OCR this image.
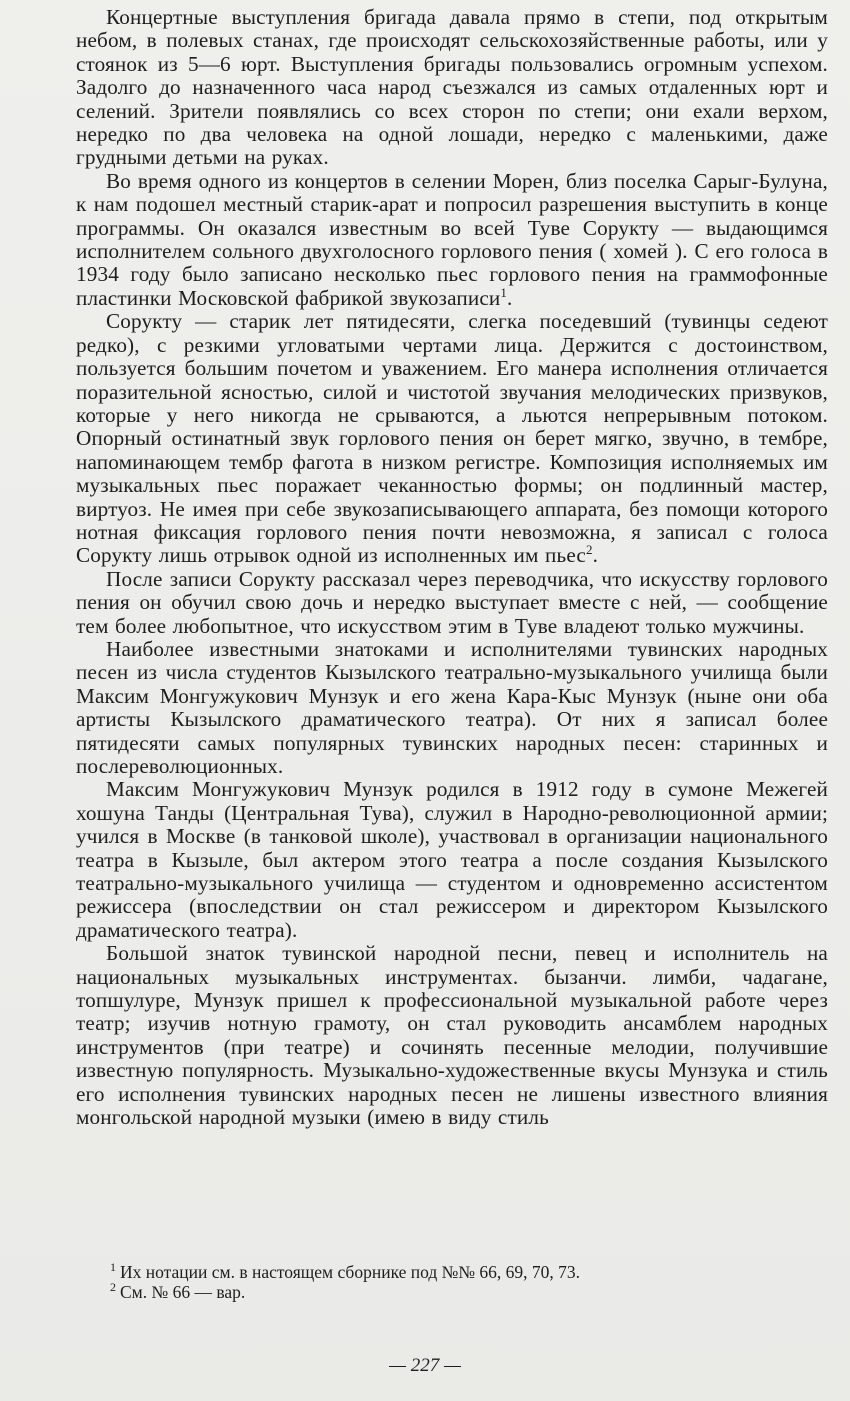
Концертные выступления бригада давала прямо в степи, под открытым небом, в полевых станах, где происходят сельскохозяйственные работы, или у стоянок из 5—6 юрт. Выступления бригады пользовались огромным успехом. Задолго до назначенного часа народ съезжался из самых отдаленных юрт и селений. Зрители появлялись со всех сторон по степи; они ехали верхом, нередко по два человека на одной лошади, нередко с маленькими, даже грудными детьми на руках.

Во время одного из концертов в селении Морен, близ поселка Сарыг-Булуна, к нам подошел местный старик-арат и попросил разрешения выступить в конце программы. Он оказался известным во всей Туве Сорукту — выдающимся исполнителем сольного двухголосного горлового пения ( хомей ). С его голоса в 1934 году было записано несколько пьес горлового пения на граммофонные пластинки Московской фабрикой звукозаписи$^1$.

Сорукту — старик лет пятидесяти, слегка поседевший (тувинцы седеют редко), с резкими угловатыми чертами лица. Держится с достоинством, пользуется большим почетом и уважением. Его манера исполнения отличается поразительной ясностью, силой и чистотой звучания мелодических призвуков, которые у него никогда не срываются, а льются непрерывным потоком. Опорный остинатный звук горлового пения он берет мягко, звучно, в тембре, напоминающем тембр фагота в низком регистре. Композиция исполняемых им музыкальных пьес поражает чеканностью формы; он подлинный мастер, виртуоз. Не имея при себе звукозаписывающего аппарата, без помощи которого нотная фиксация горлового пения почти невозможна, я записал с голоса Сорукту лишь отрывок одной из исполненных им пьес$^2$.

После записи Сорукту рассказал через переводчика, что искусству горлового пения он обучил свою дочь и нередко выступает вместе с ней, — сообщение тем более любопытное, что искусством этим в Туве владеют только мужчины.

Наиболее известными знатоками и исполнителями тувинских народных песен из числа студентов Кызылского театрально-музыкального училища были Максим Монгужукович Мунзук и его жена Кара-Кыс Мунзук (ныне они оба артисты Кызылского драматического театра). От них я записал более пятидесяти самых популярных тувинских народных песен: старинных и послереволюционных.

Максим Монгужукович Мунзук родился в 1912 году в сумоне Межегей хошуна Танды (Центральная Тува), служил в Народно-революционной армии; учился в Москве (в танковой школе), участвовал в организации национального театра в Кызыле, был актером этого театра а после создания Кызылского театрально-музыкального училища — студентом и одновременно ассистентом режиссера (впоследствии он стал режиссером и директором Кызылского драматического театра).

Большой знаток тувинской народной песни, певец и исполнитель на национальных музыкальных инструментах. бызанчи. лимби, чадагане, топшулуре, Мунзук пришел к профессиональной музыкальной работе через театр; изучив нотную грамоту, он стал руководить ансамблем народных инструментов (при театре) и сочинять песенные мелодии, получившие известную популярность. Музыкально-художественные вкусы Мунзука и стиль его исполнения тувинских народных песен не лишены известного влияния монгольской народной музыки (имею в виду стиль

$^1$ Их нотации см. в настоящем сборнике под №№ 66, 69, 70, 73.

$^2$ См. № 66 — вар.

— 227 —
